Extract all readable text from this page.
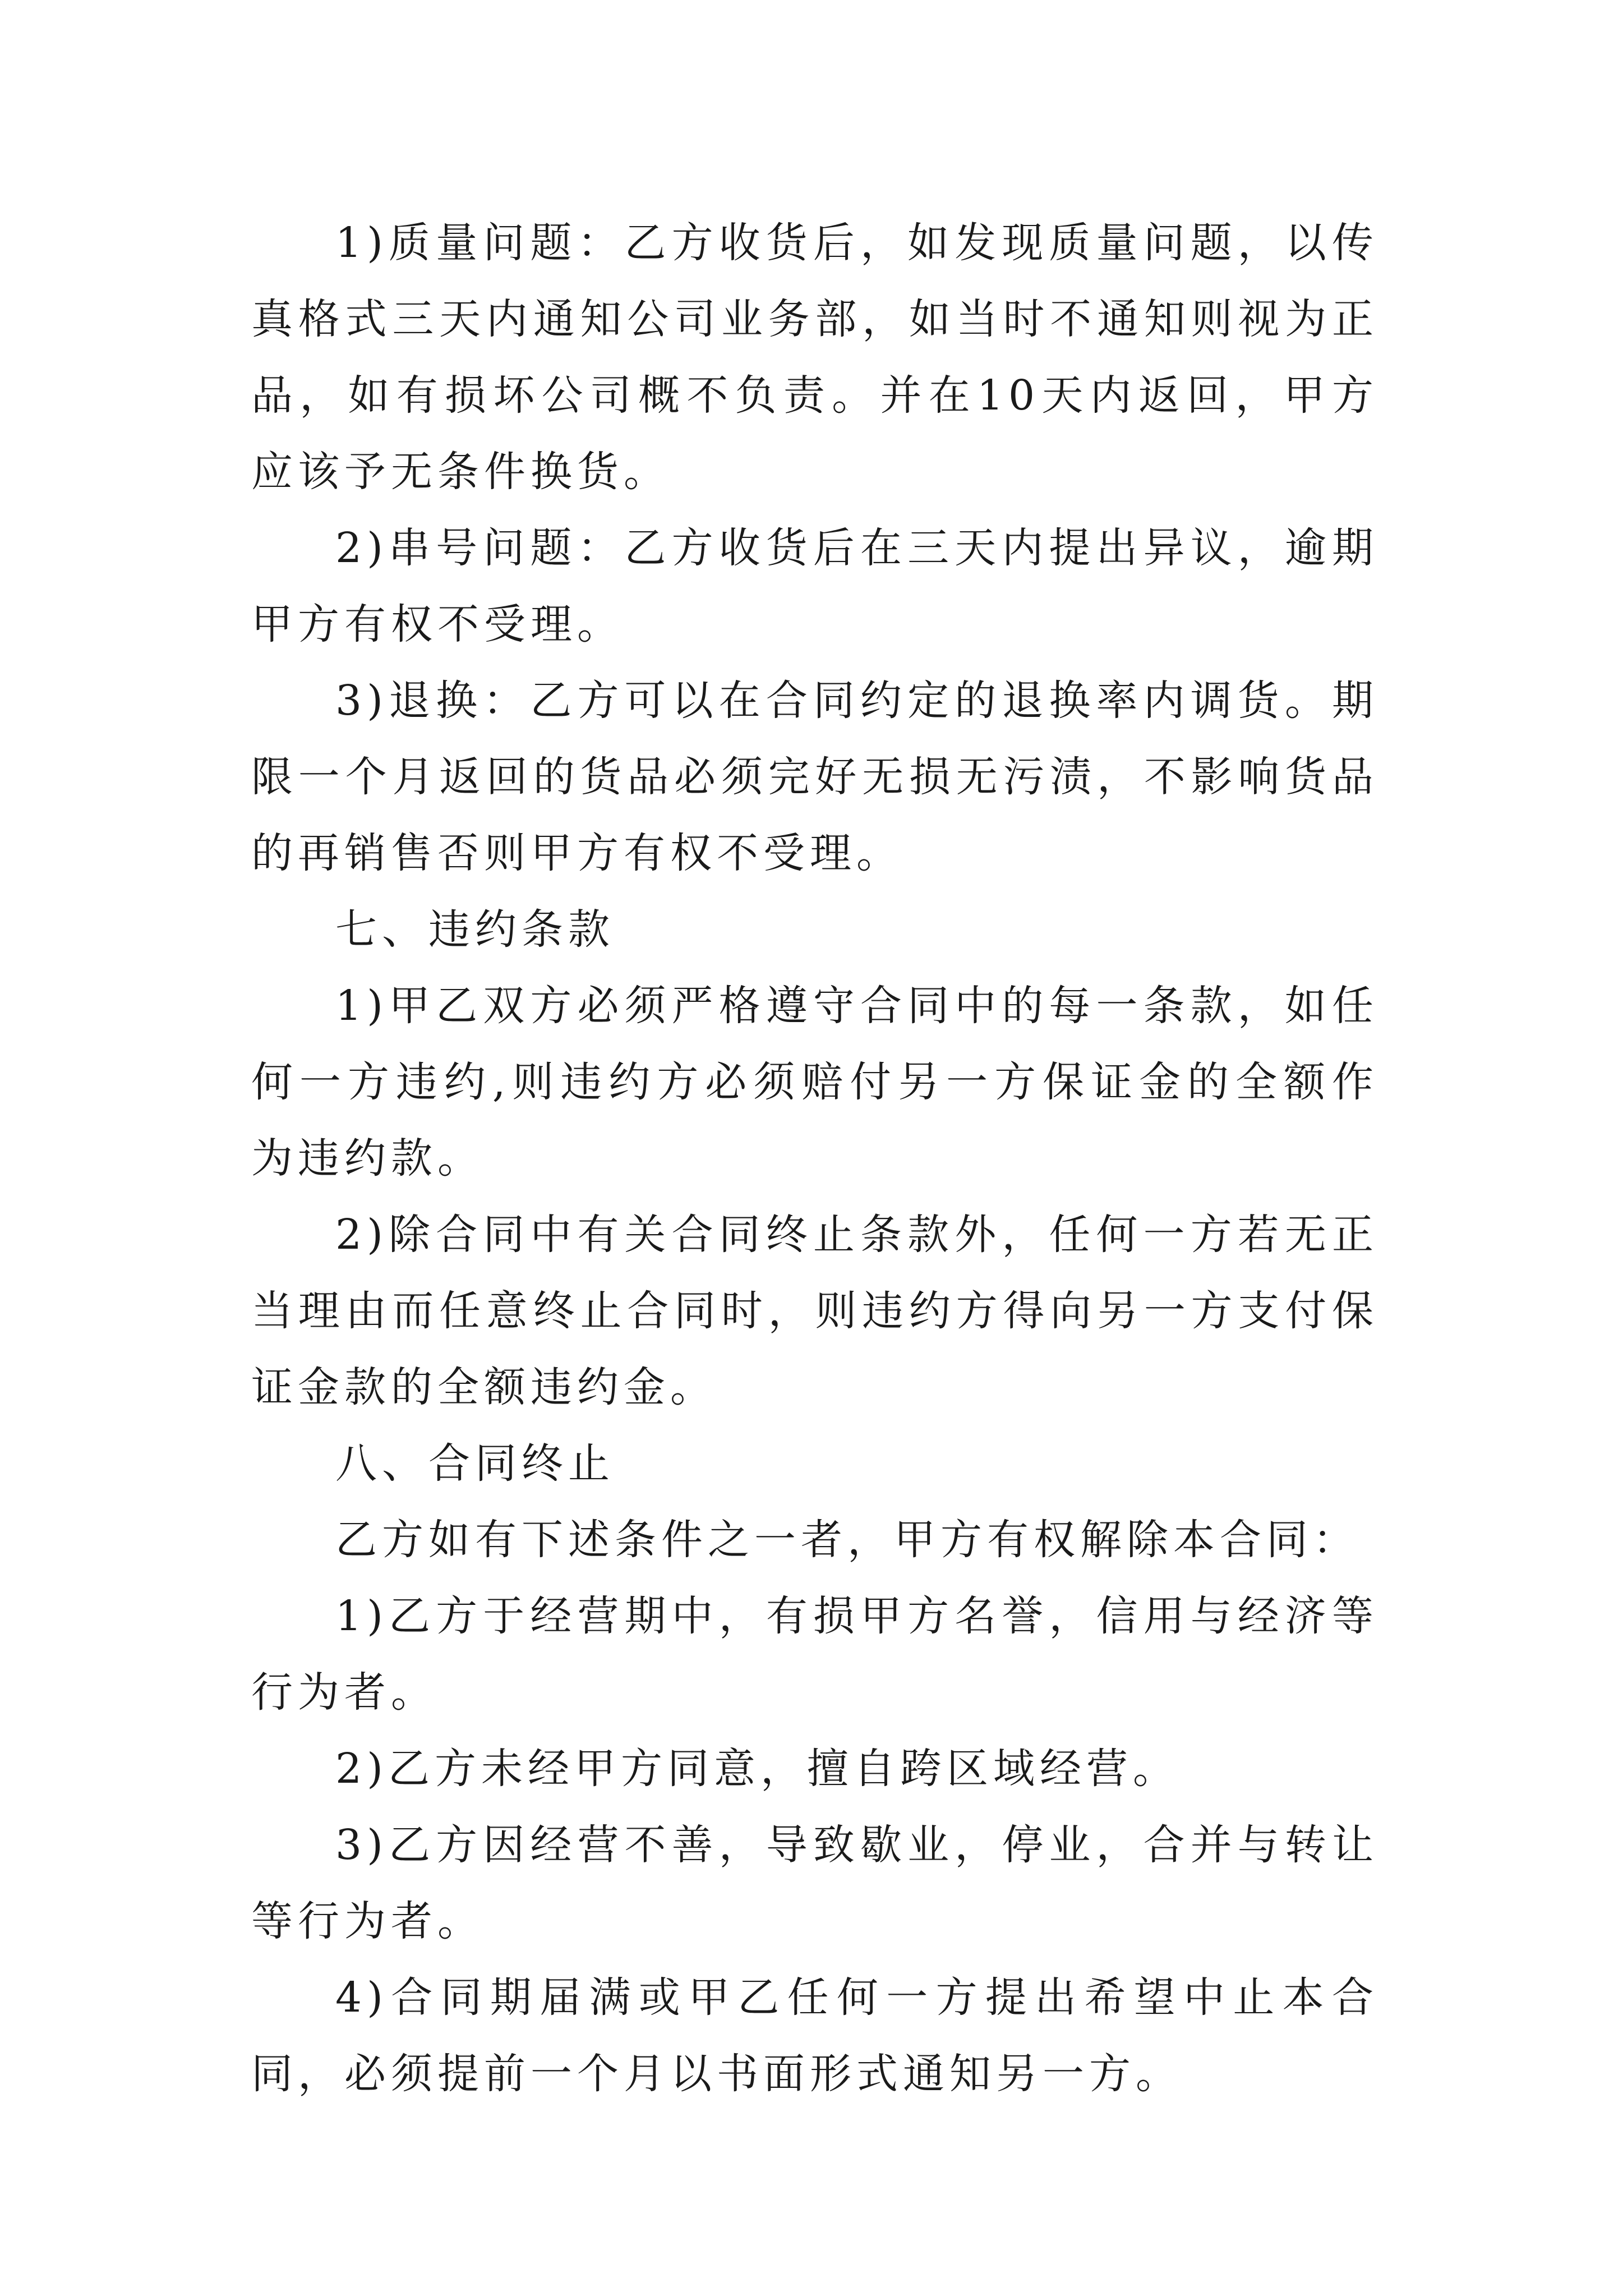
1)质量问题：乙方收货后，如发现质量问题，以传真格式三天内通知公司业务部，如当时不通知则视为正品，如有损坏公司概不负责。并在10天内返回，甲方应该予无条件换货。

2)串号问题：乙方收货后在三天内提出异议，逾期甲方有权不受理。

3)退换：乙方可以在合同约定的退换率内调货。期限一个月返回的货品必须完好无损无污渍，不影响货品的再销售否则甲方有权不受理。

七、违约条款

1)甲乙双方必须严格遵守合同中的每一条款，如任何一方违约,则违约方必须赔付另一方保证金的全额作为违约款。

2)除合同中有关合同终止条款外，任何一方若无正当理由而任意终止合同时，则违约方得向另一方支付保证金款的全额违约金。

八、合同终止

乙方如有下述条件之一者，甲方有权解除本合同：

1)乙方于经营期中，有损甲方名誉，信用与经济等行为者。

2)乙方未经甲方同意，擅自跨区域经营。

3)乙方因经营不善，导致歇业，停业，合并与转让等行为者。

4)合同期届满或甲乙任何一方提出希望中止本合同，必须提前一个月以书面形式通知另一方。
